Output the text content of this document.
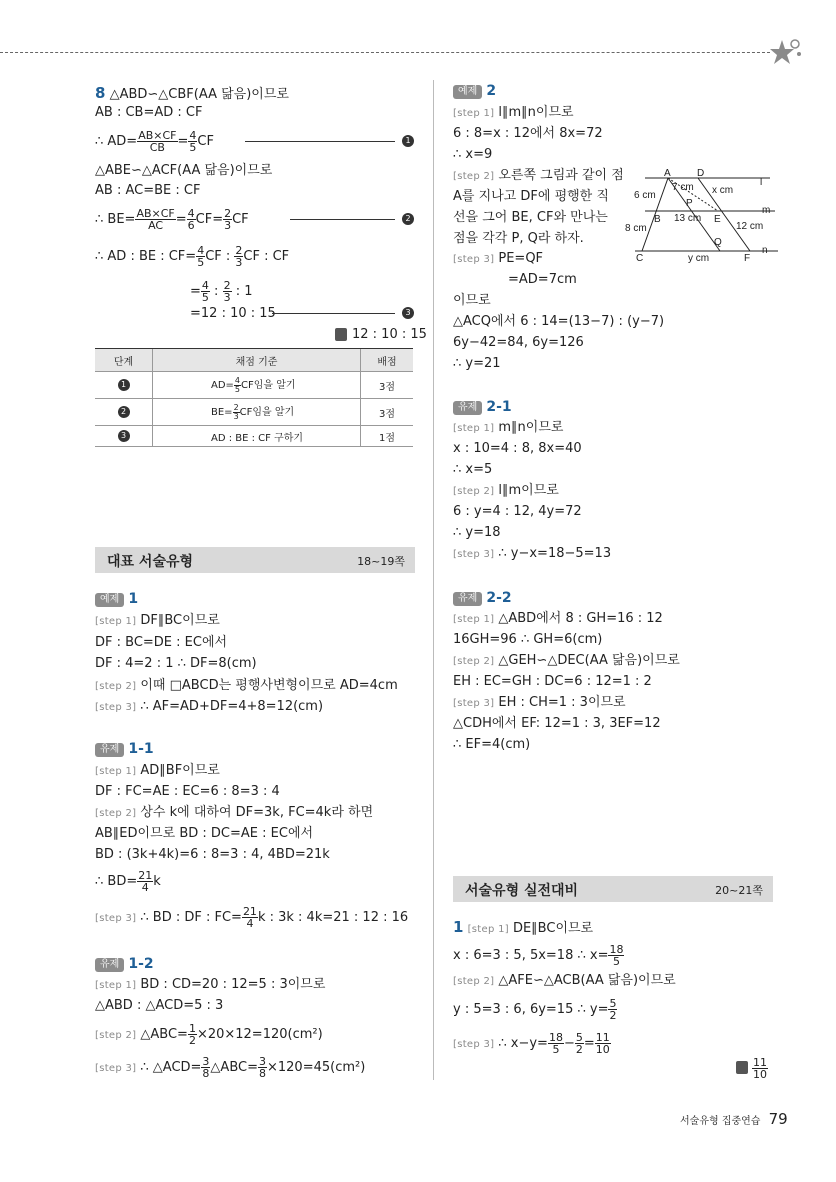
8 △ABD∽△CBF(AA 닮음)이므로
AB : CB=AD : CF
∴ $AD= \frac{AB\times CF}{CB} = \frac{4}{5}$ CF	1
△ABE∽△ACF(AA 닮음)이므로
AB : AC=BE : CF
∴ $BE= \frac{AB\times CF}{AC} = \frac{4}{6} CF= \frac{2}{3}$ CF	2
∴ AD : BE : $CF= \frac{4}{5}$ CF : $\frac{2}{3}$ CF : CF
= $\frac{4}{5}$ : $\frac{2}{3}$ : 1
=12 : 10 : 15	3
12 : 10 : 15
단계	채점 기준	배점
1	$AD= \frac{4}{5}$ CF임을 알기	3점
2	$BE= \frac{2}{3}$ CF임을 알기	3점
3	AD : BE : CF 구하기	1점
대표 서술유형	18~19쪽
예제 1
[step 1] DF∥BC이므로
DF : BC=DE : EC에서
DF : 4=2 : 1 ∴ DF=8(cm)
[step 2] 이때 □ABCD는 평행사변형이므로 AD=4cm
[step 3] ∴ AF=AD+DF=4+8=12(cm)
유제 1-1
[step 1] AD∥BF이므로
DF : FC=AE : EC=6 : 8=3 : 4
[step 2] 상수 k에 대하여 DF=3k, FC=4k라 하면
AB∥ED이므로 BD : DC=AE : EC에서
BD : (3k+4k)=6 : 8=3 : 4, 4BD=21k
∴ $BD= \frac{21}{4}$ k
[step 3] ∴ BD : DF : $FC= \frac{21}{4}$ k : 3k : 4k=21 : 12 : 16
유제 1-2
[step 1] BD : CD=20 : 12=5 : 3이므로
△ABD : △ACD=5 : 3
[step 2] △ABC= $\frac{1}{2} \times 20\times 12=120(cm^2)$
[step 3] ∴ △ACD= $\frac{3}{8}$ △ABC= $\frac{3}{8} \times 120=45(cm^2)$
예제 2
[step 1] l∥m∥n이므로
6 : 8=x : 12에서 8x=72
∴ x=9
[step 2] 오른쪽 그림과 같이 점
A를 지나고 DF에 평행한 직
선을 그어 BE, CF와 만나는
점을 각각 P, Q라 하자.
[step 3] PE=QF
=AD=7cm
이므로
△ACQ에서 6 : 14=(13−7) : (y−7)
6y−42=84, 6y=126
∴ y=21
A	D
l
7 cm x cm
6 cm
P
m
B 13 cm E
8 cm	12 cm
Q
n
C	y cm	F
유제 2-1
[step 1] m∥n이므로
x : 10=4 : 8, 8x=40
∴ x=5
[step 2] l∥m이므로
6 : y=4 : 12, 4y=72
∴ y=18
[step 3] ∴ y−x=18−5=13
유제 2-2
[step 1] △ABD에서 8 : GH=16 : 12
16GH=96 ∴ GH=6(cm)
[step 2] △GEH∽△DEC(AA 닮음)이므로
EH : EC=GH : DC=6 : 12=1 : 2
[step 3] EH : CH=1 : 3이므로
△CDH에서 EF: 12=1 : 3, 3EF=12
∴ EF=4(cm)
서술유형 실전대비	20~21쪽
1 [step 1] DE∥BC이므로
x : 6=3 : 5, 5x=18 ∴ $x= \frac{18}{5}$
[step 2] △AFE∽△ACB(AA 닮음)이므로
y : 5=3 : 6, 6y=15 ∴ $y= \frac{5}{2}$
[step 3] ∴ $x-y= \frac{18}{5} - \frac{5}{2} = \frac{11}{10}$
$\frac{11}{10}$
서술유형 집중연습 79
